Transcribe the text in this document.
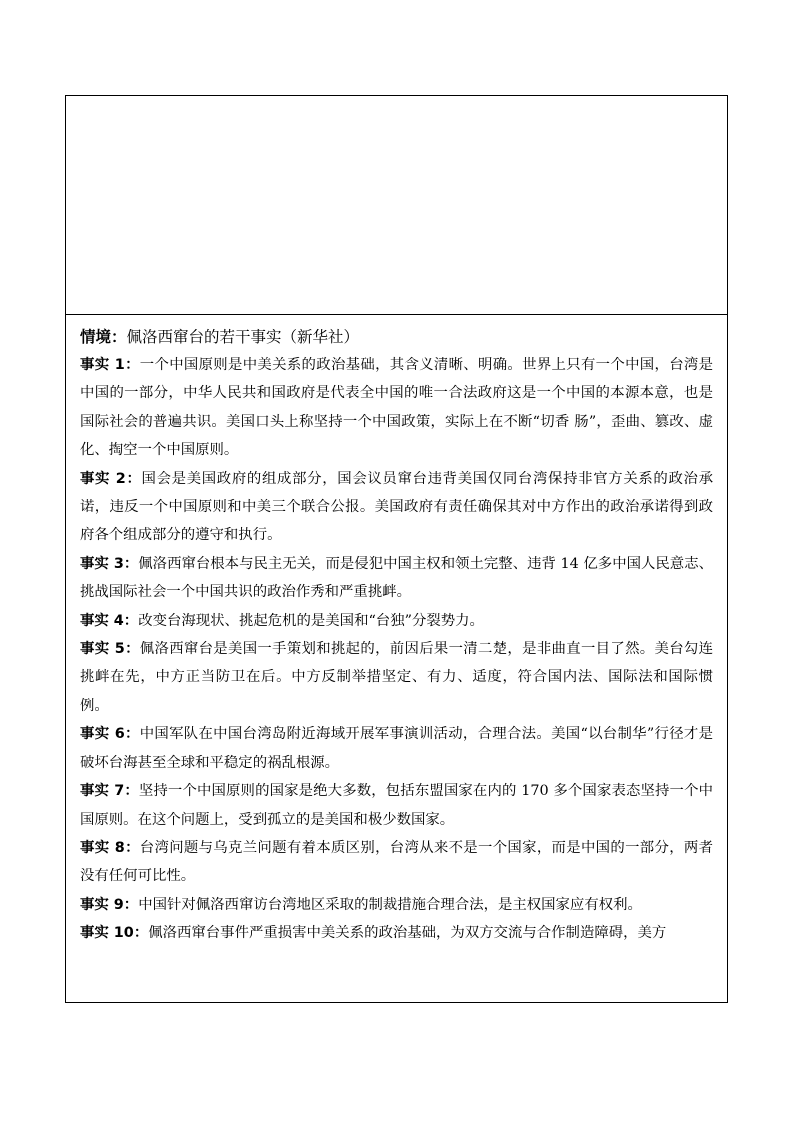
情境：佩洛西窜台的若干事实（新华社）

事实 1：一个中国原则是中美关系的政治基础，其含义清晰、明确。世界上只有一个中国，台湾是中国的一部分，中华人民共和国政府是代表全中国的唯一合法政府这是一个中国的本源本意，也是国际社会的普遍共识。美国口头上称坚持一个中国政策，实际上在不断“切香 肠”，歪曲、篡改、虚化、掏空一个中国原则。

事实 2：国会是美国政府的组成部分，国会议员窜台违背美国仅同台湾保持非官方关系的政治承诺，违反一个中国原则和中美三个联合公报。美国政府有责任确保其对中方作出的政治承诺得到政府各个组成部分的遵守和执行。

事实 3：佩洛西窜台根本与民主无关，而是侵犯中国主权和领土完整、违背 14 亿多中国人民意志、挑战国际社会一个中国共识的政治作秀和严重挑衅。

事实 4：改变台海现状、挑起危机的是美国和“台独”分裂势力。

事实 5：佩洛西窜台是美国一手策划和挑起的，前因后果一清二楚，是非曲直一目了然。美台勾连挑衅在先，中方正当防卫在后。中方反制举措坚定、有力、适度，符合国内法、国际法和国际惯例。

事实 6：中国军队在中国台湾岛附近海域开展军事演训活动，合理合法。美国“以台制华”行径才是破坏台海甚至全球和平稳定的祸乱根源。

事实 7：坚持一个中国原则的国家是绝大多数，包括东盟国家在内的 170 多个国家表态坚持一个中国原则。在这个问题上，受到孤立的是美国和极少数国家。

事实 8：台湾问题与乌克兰问题有着本质区别，台湾从来不是一个国家，而是中国的一部分，两者没有任何可比性。

事实 9：中国针对佩洛西窜访台湾地区采取的制裁措施合理合法，是主权国家应有权利。

事实 10：佩洛西窜台事件严重损害中美关系的政治基础，为双方交流与合作制造障碍，美方
